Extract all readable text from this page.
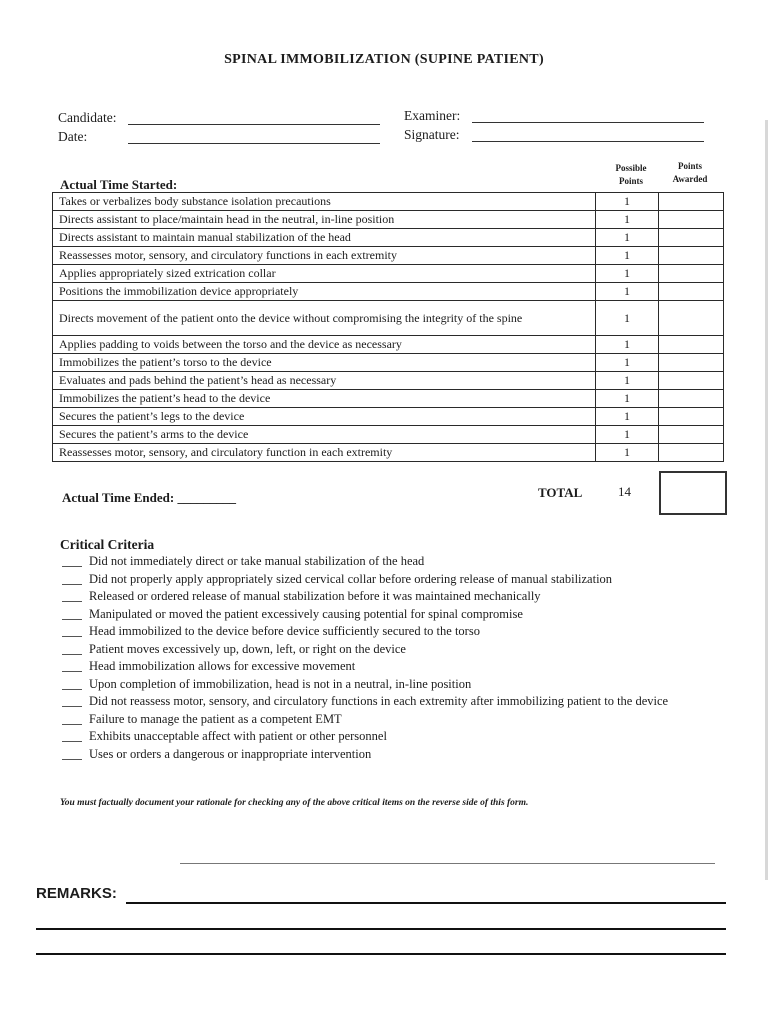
SPINAL IMMOBILIZATION (SUPINE PATIENT)
Candidate:
Date:
Examiner:
Signature:
Possible Points
Points Awarded
Actual Time Started:
Takes or verbalizes body substance isolation precautions	1	
Directs assistant to place/maintain head in the neutral, in-line position	1	
Directs assistant to maintain manual stabilization of the head	1	
Reassesses motor, sensory, and circulatory functions in each extremity	1	
Applies appropriately sized extrication collar	1	
Positions the immobilization device appropriately	1	
Directs movement of the patient onto the device without compromising the integrity of the spine	1	
Applies padding to voids between the torso and the device as necessary	1	
Immobilizes the patient’s torso to the device	1	
Evaluates and pads behind the patient’s head as necessary	1	
Immobilizes the patient’s head to the device	1	
Secures the patient’s legs to the device	1	
Secures the patient’s arms to the device	1	
Reassesses motor, sensory, and circulatory function in each extremity	1	
Actual Time Ended: _________	TOTAL	14
Critical Criteria
Did not immediately direct or take manual stabilization of the head
Did not properly apply appropriately sized cervical collar before ordering release of manual stabilization
Released or ordered release of manual stabilization before it was maintained mechanically
Manipulated or moved the patient excessively causing potential for spinal compromise
Head immobilized to the device before device sufficiently secured to the torso
Patient moves excessively up, down, left, or right on the device
Head immobilization allows for excessive movement
Upon completion of immobilization, head is not in a neutral, in-line position
Did not reassess motor, sensory, and circulatory functions in each extremity after immobilizing patient to the device
Failure to manage the patient as a competent EMT
Exhibits unacceptable affect with patient or other personnel
Uses or orders a dangerous or inappropriate intervention
You must factually document your rationale for checking any of the above critical items on the reverse side of this form.
REMARKS:
